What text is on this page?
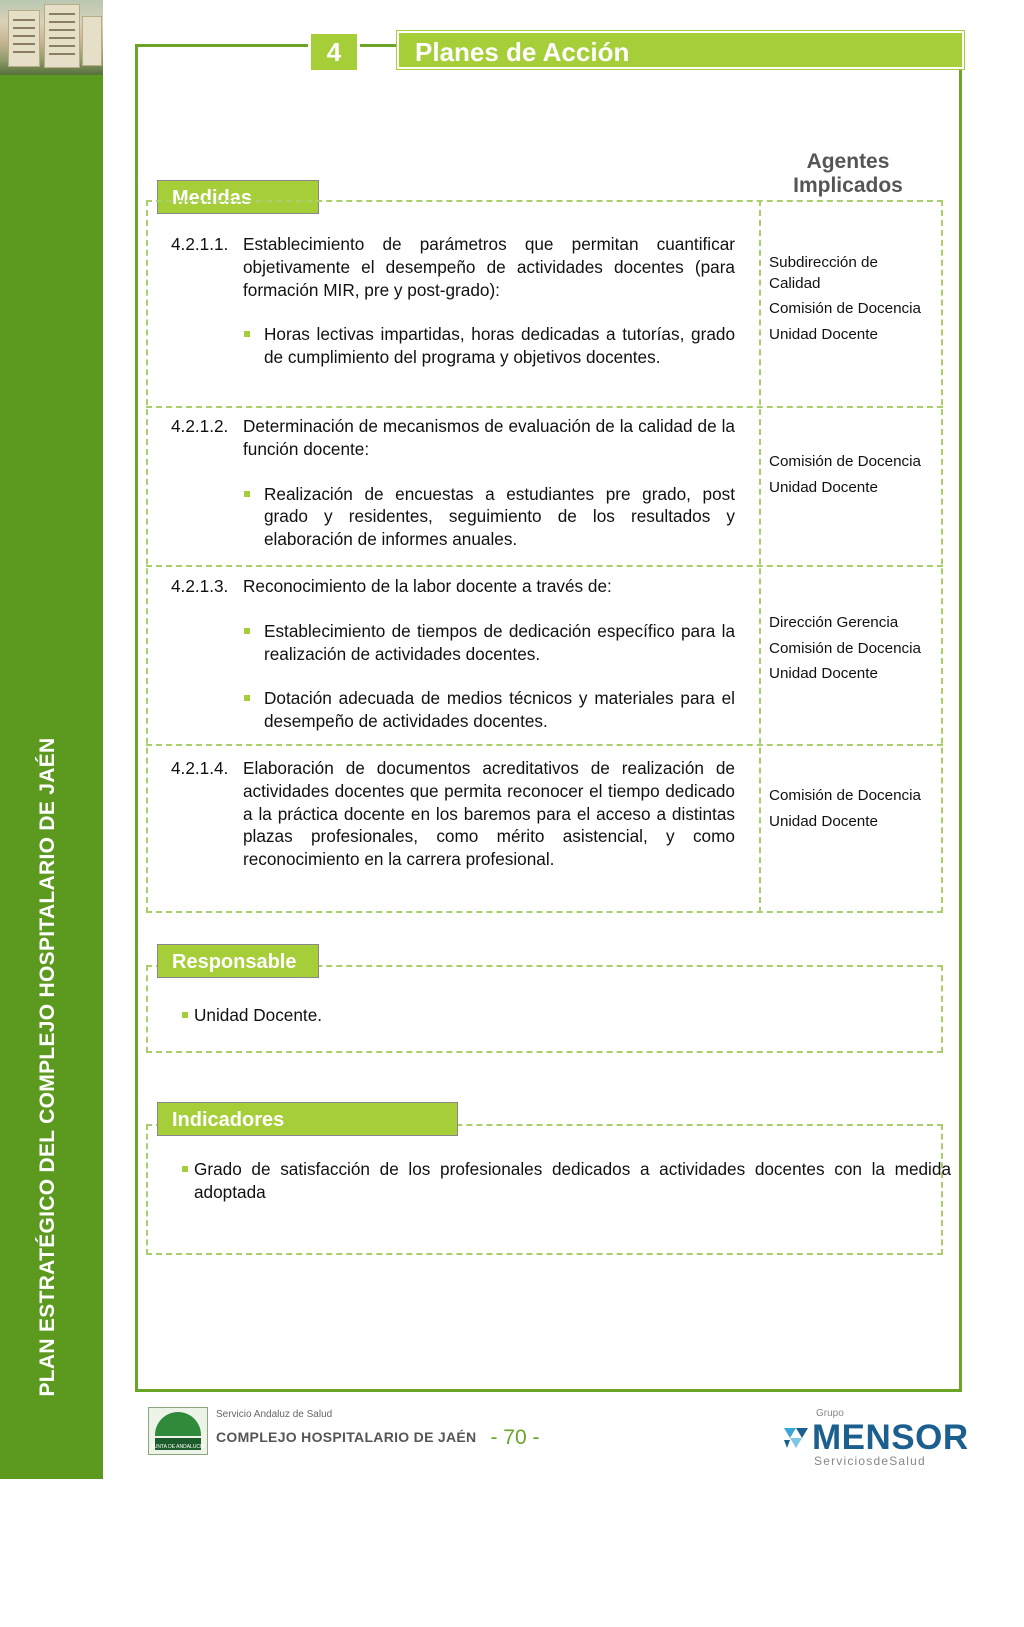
PLAN ESTRATÉGICO DEL COMPLEJO HOSPITALARIO DE JAÉN
4	Planes de Acción
Agentes
Implicados
Medidas
4.2.1.1. Establecimiento de parámetros que permitan cuantificar objetivamente el desempeño de actividades docentes (para formación MIR, pre y post-grado):
Horas lectivas impartidas, horas dedicadas a tutorías, grado de cumplimiento del programa y objetivos docentes.
Subdirección de Calidad
Comisión de Docencia
Unidad Docente
4.2.1.2. Determinación de mecanismos de evaluación de la calidad de la función docente:
Realización de encuestas a estudiantes pre grado, post grado y residentes, seguimiento de los resultados y elaboración de informes anuales.
Comisión de Docencia
Unidad Docente
4.2.1.3. Reconocimiento de la labor docente a través de:
Establecimiento de tiempos de dedicación específico para la realización de actividades docentes.
Dotación adecuada de medios técnicos y materiales para el desempeño de actividades docentes.
Dirección Gerencia
Comisión de Docencia
Unidad Docente
4.2.1.4. Elaboración de documentos acreditativos de realización de actividades docentes que permita reconocer el tiempo dedicado a la práctica docente en los baremos para el acceso a distintas plazas profesionales, como mérito asistencial, y como reconocimiento en la carrera profesional.
Comisión de Docencia
Unidad Docente
Responsable
Unidad Docente.
Indicadores
Grado de satisfacción de los profesionales dedicados a actividades docentes con la medida adoptada
JUNTA DE ANDALUCIA
Servicio Andaluz de Salud
COMPLEJO HOSPITALARIO DE JAÉN - 70 -
Grupo
MENSOR
ServiciosdeSalud
